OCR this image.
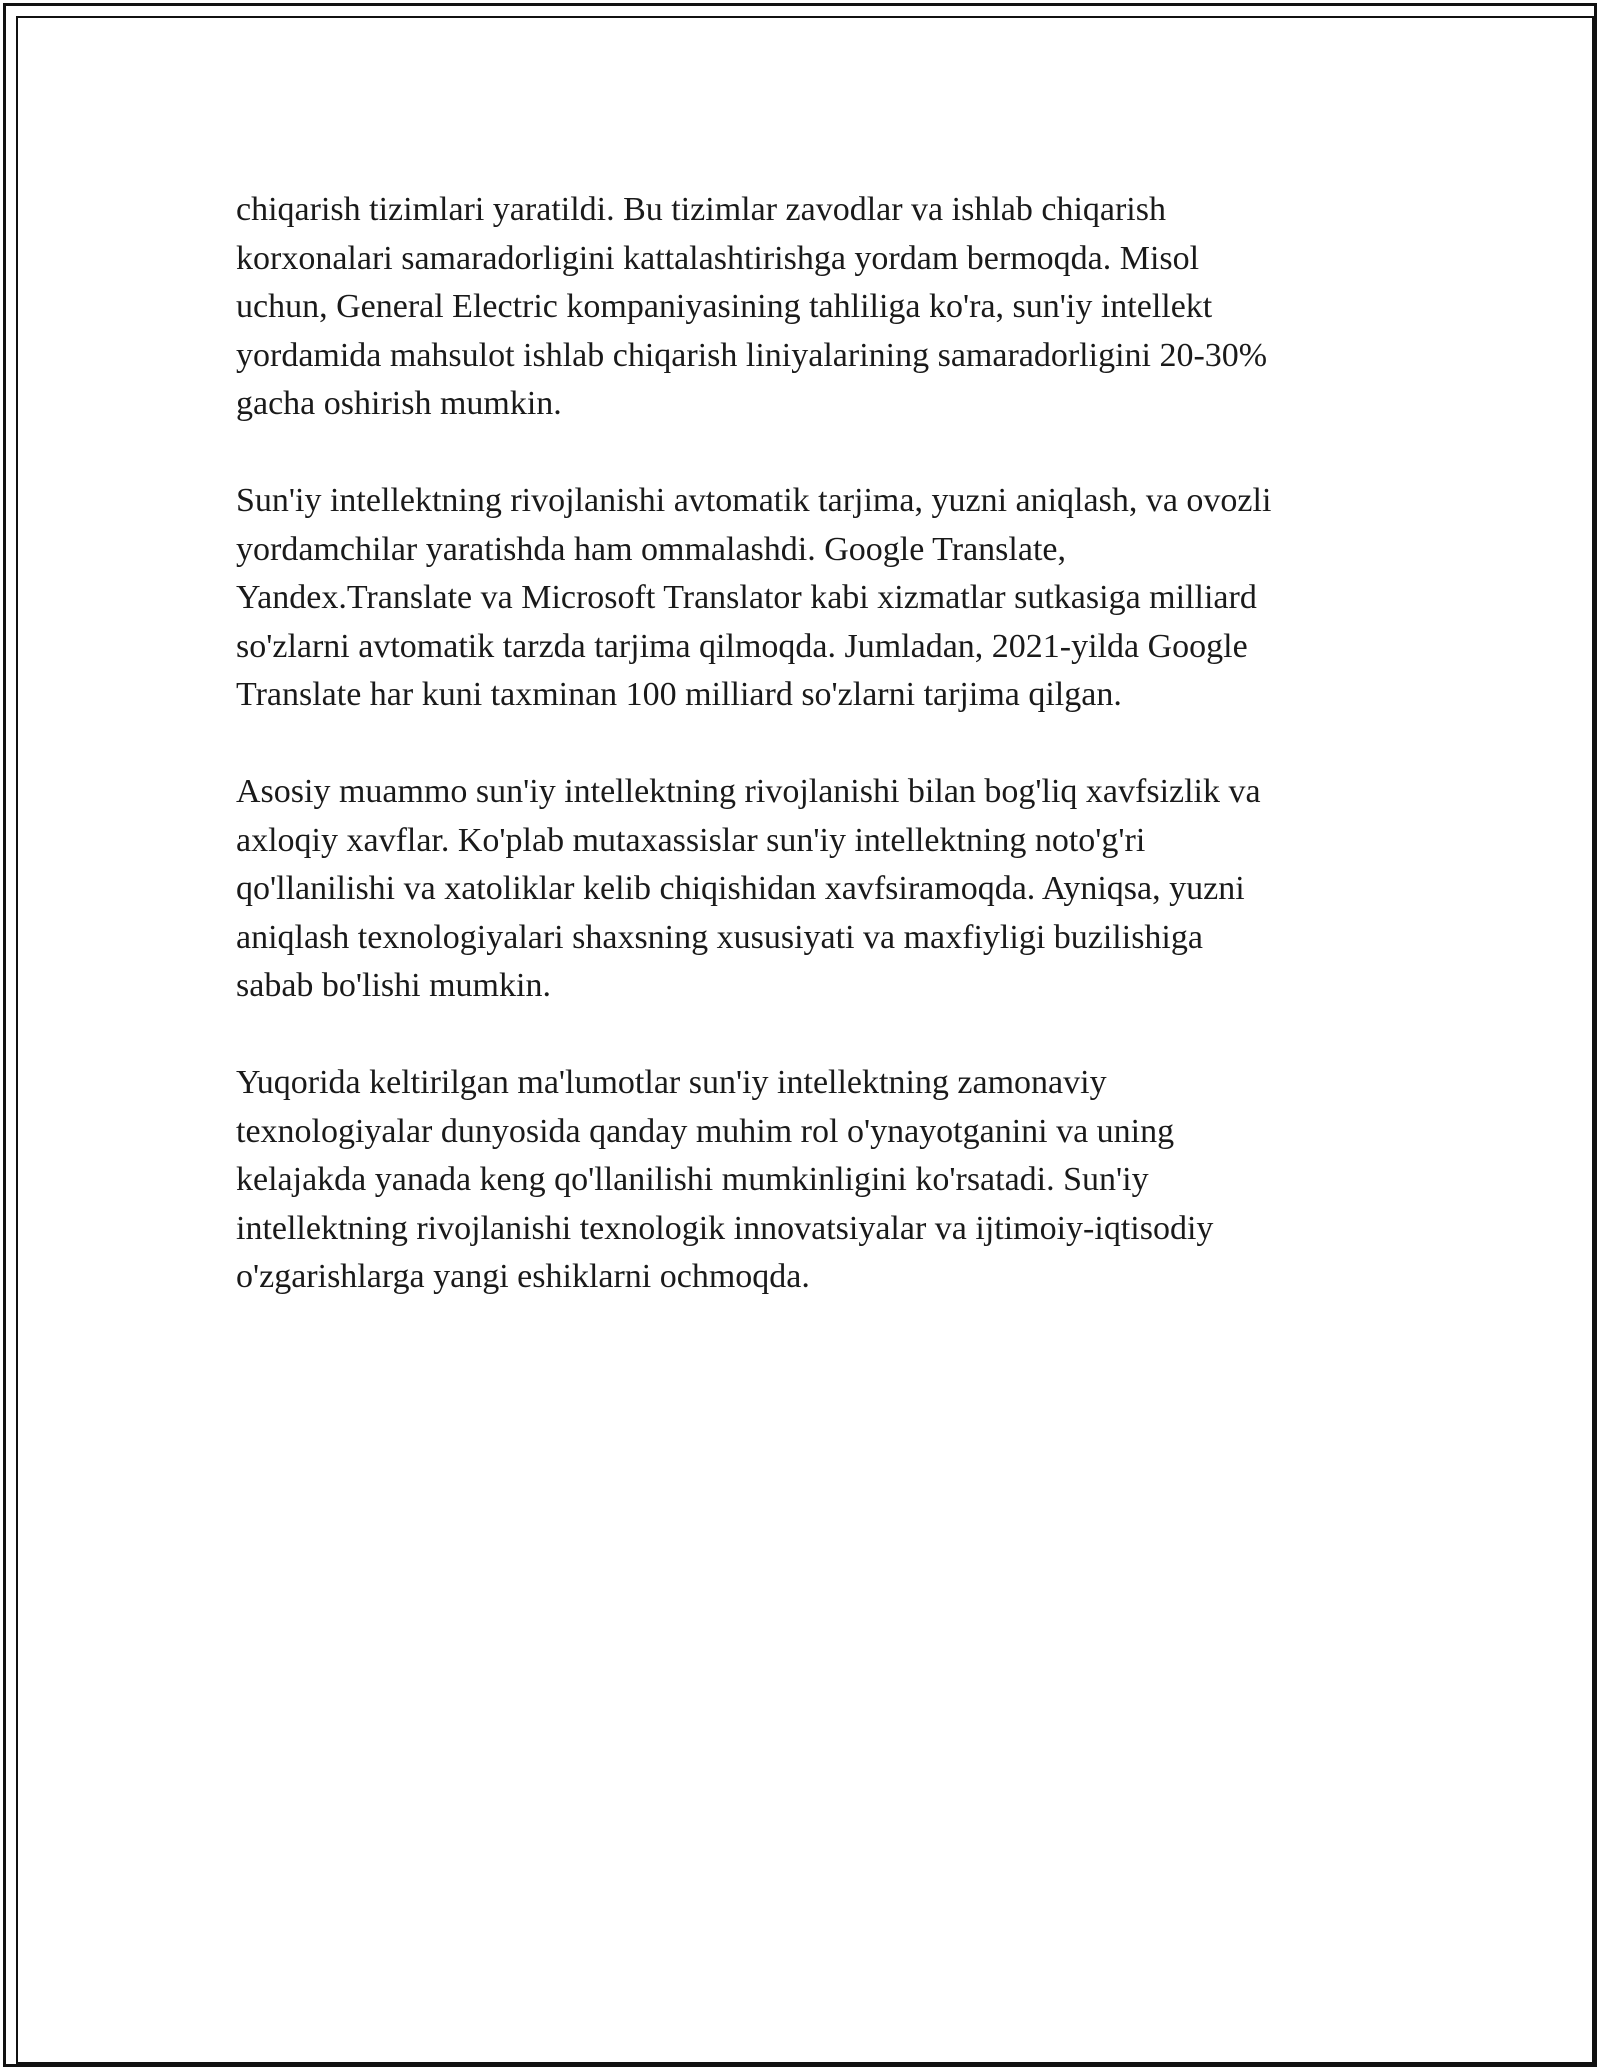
chiqarish tizimlari yaratildi. Bu tizimlar zavodlar va ishlab chiqarish
korxonalari samaradorligini kattalashtirishga yordam bermoqda. Misol
uchun, General Electric kompaniyasining tahliliga ko'ra, sun'iy intellekt
yordamida mahsulot ishlab chiqarish liniyalarining samaradorligini 20-30%
gacha oshirish mumkin.

Sun'iy intellektning rivojlanishi avtomatik tarjima, yuzni aniqlash, va ovozli
yordamchilar yaratishda ham ommalashdi. Google Translate,
Yandex.Translate va Microsoft Translator kabi xizmatlar sutkasiga milliard
so'zlarni avtomatik tarzda tarjima qilmoqda. Jumladan, 2021-yilda Google
Translate har kuni taxminan 100 milliard so'zlarni tarjima qilgan.

Asosiy muammo sun'iy intellektning rivojlanishi bilan bog'liq xavfsizlik va
axloqiy xavflar. Ko'plab mutaxassislar sun'iy intellektning noto'g'ri
qo'llanilishi va xatoliklar kelib chiqishidan xavfsiramoqda. Ayniqsa, yuzni
aniqlash texnologiyalari shaxsning xususiyati va maxfiyligi buzilishiga
sabab bo'lishi mumkin.

Yuqorida keltirilgan ma'lumotlar sun'iy intellektning zamonaviy
texnologiyalar dunyosida qanday muhim rol o'ynayotganini va uning
kelajakda yanada keng qo'llanilishi mumkinligini ko'rsatadi. Sun'iy
intellektning rivojlanishi texnologik innovatsiyalar va ijtimoiy-iqtisodiy
o'zgarishlarga yangi eshiklarni ochmoqda.
